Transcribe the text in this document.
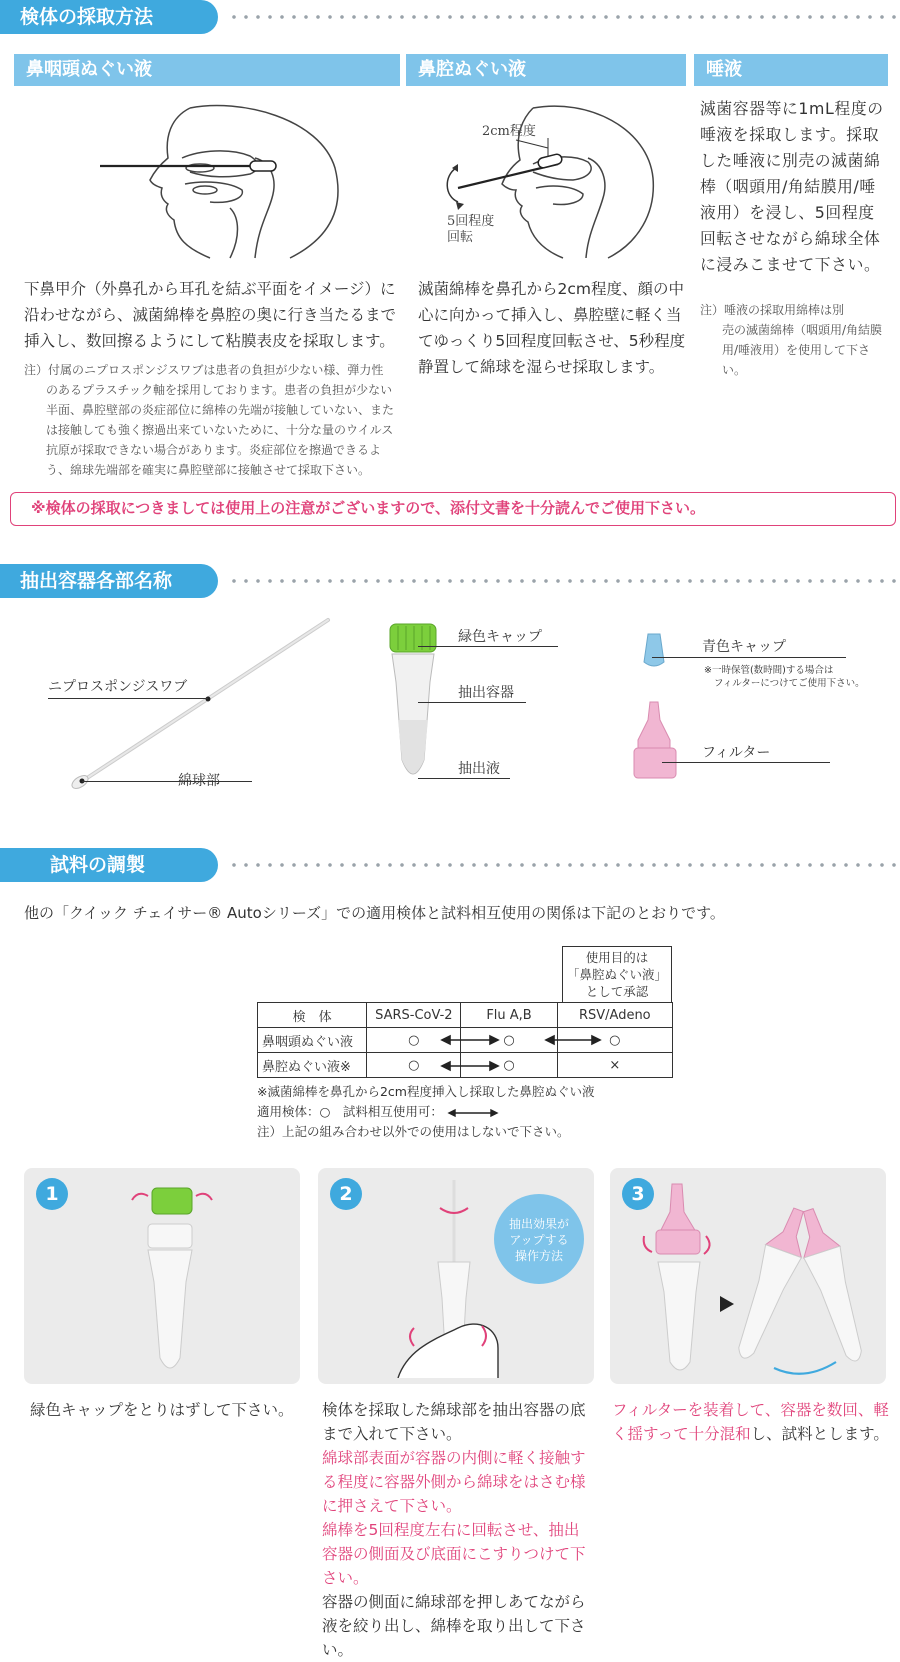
検体の採取方法
鼻咽頭ぬぐい液	鼻腔ぬぐい液	唾液
2cm程度
5回程度
回転
下鼻甲介（外鼻孔から耳孔を結ぶ平面をイメージ）に沿わせながら、滅菌綿棒を鼻腔の奥に行き当たるまで挿入し、数回擦るようにして粘膜表皮を採取します。
注）付属のニプロスポンジスワブは患者の負担が少ない様、弾力性
のあるプラスチック軸を採用しております。患者の負担が少ない半面、鼻腔壁部の炎症部位に綿棒の先端が接触していない、または接触しても強く擦過出来ていないために、十分な量のウイルス抗原が採取できない場合があります。炎症部位を擦過できるよう、綿球先端部を確実に鼻腔壁部に接触させて採取下さい。
滅菌綿棒を鼻孔から2cm程度、顔の中心に向かって挿入し、鼻腔壁に軽く当てゆっくり5回程度回転させ、5秒程度静置して綿球を湿らせ採取します。
滅菌容器等に1mL程度の唾液を採取します。採取した唾液に別売の滅菌綿棒（咽頭用/角結膜用/唾液用）を浸し、5回程度回転させながら綿球全体に浸みこませて下さい。
注）唾液の採取用綿棒は別
売の滅菌綿棒（咽頭用/角結膜用/唾液用）を使用して下さい。
※検体の採取につきましては使用上の注意がございますので、添付文書を十分読んでご使用下さい。
抽出容器各部名称
ニプロスポンジスワブ
綿球部
緑色キャップ
抽出容器
抽出液
青色キャップ
※一時保管(数時間)する場合は
フィルターにつけてご使用下さい。
フィルター
試料の調製
他の「クイック チェイサー® Autoシリーズ」での適用検体と試料相互使用の関係は下記のとおりです。
使用目的は
「鼻腔ぬぐい液」
として承認
検　体	SARS-CoV-2	Flu A,B	RSV/Adeno
鼻咽頭ぬぐい液	○	○	○
鼻腔ぬぐい液※	○	○	×
※滅菌綿棒を鼻孔から2cm程度挿入し採取した鼻腔ぬぐい液
適用検体：○　試料相互使用可：
注）上記の組み合わせ以外での使用はしないで下さい。
1	2
抽出効果がアップする操作方法
3
緑色キャップをとりはずして下さい。	検体を採取した綿球部を抽出容器の底まで入れて下さい。
綿球部表面が容器の内側に軽く接触する程度に容器外側から綿球をはさむ様に押さえて下さい。
綿棒を5回程度左右に回転させ、抽出容器の側面及び底面にこすりつけて下さい。
容器の側面に綿球部を押しあてながら液を絞り出し、綿棒を取り出して下さい。
フィルターを装着して、容器を数回、軽く揺すって十分混和し、試料とします。
